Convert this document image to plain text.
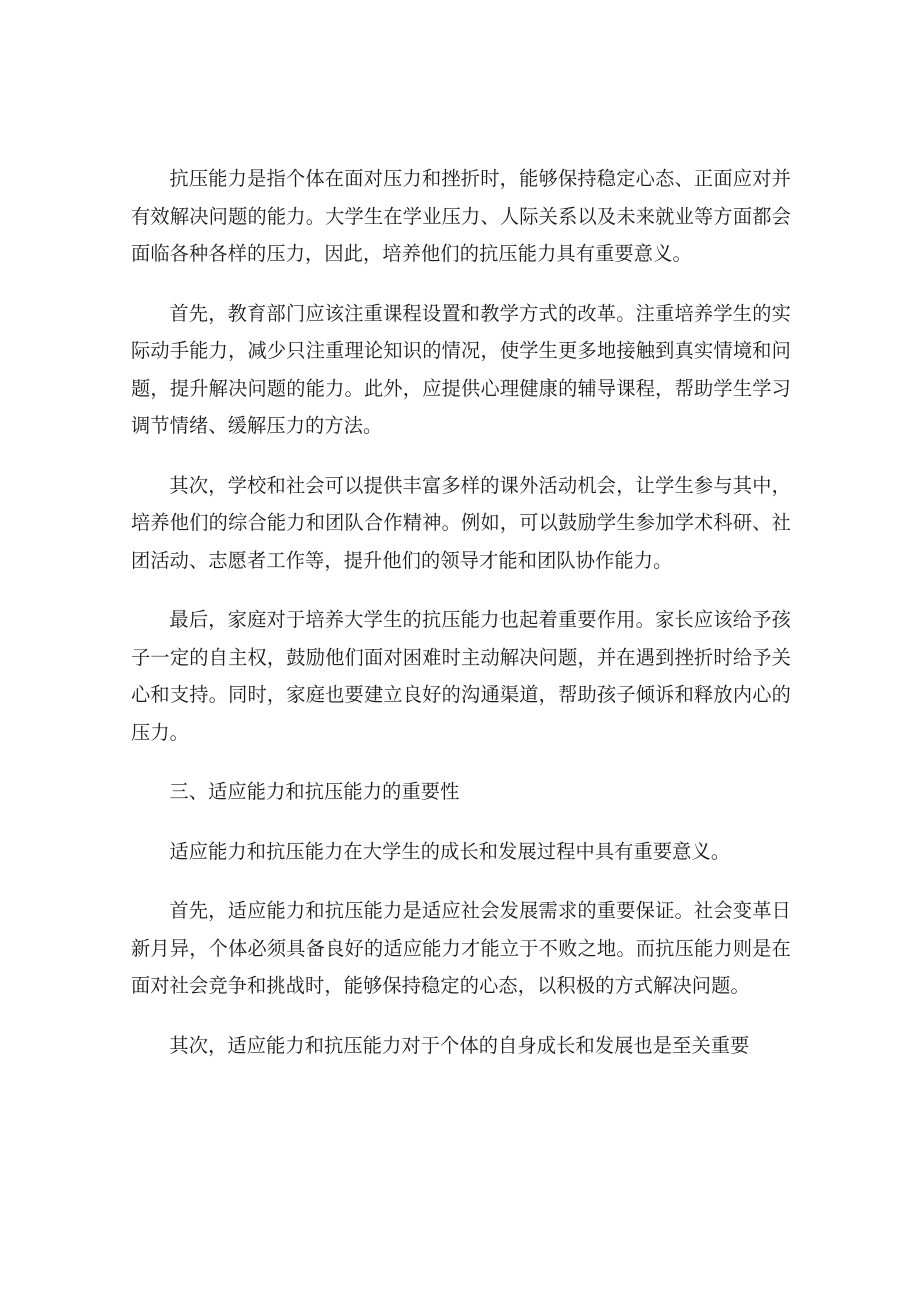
抗压能力是指个体在面对压力和挫折时，能够保持稳定心态、正面应对并有效解决问题的能力。大学生在学业压力、人际关系以及未来就业等方面都会面临各种各样的压力，因此，培养他们的抗压能力具有重要意义。

首先，教育部门应该注重课程设置和教学方式的改革。注重培养学生的实际动手能力，减少只注重理论知识的情况，使学生更多地接触到真实情境和问题，提升解决问题的能力。此外，应提供心理健康的辅导课程，帮助学生学习调节情绪、缓解压力的方法。

其次，学校和社会可以提供丰富多样的课外活动机会，让学生参与其中，培养他们的综合能力和团队合作精神。例如，可以鼓励学生参加学术科研、社团活动、志愿者工作等，提升他们的领导才能和团队协作能力。

最后，家庭对于培养大学生的抗压能力也起着重要作用。家长应该给予孩子一定的自主权，鼓励他们面对困难时主动解决问题，并在遇到挫折时给予关心和支持。同时，家庭也要建立良好的沟通渠道，帮助孩子倾诉和释放内心的压力。

三、适应能力和抗压能力的重要性

适应能力和抗压能力在大学生的成长和发展过程中具有重要意义。

首先，适应能力和抗压能力是适应社会发展需求的重要保证。社会变革日新月异，个体必须具备良好的适应能力才能立于不败之地。而抗压能力则是在面对社会竞争和挑战时，能够保持稳定的心态，以积极的方式解决问题。

其次，适应能力和抗压能力对于个体的自身成长和发展也是至关重要
